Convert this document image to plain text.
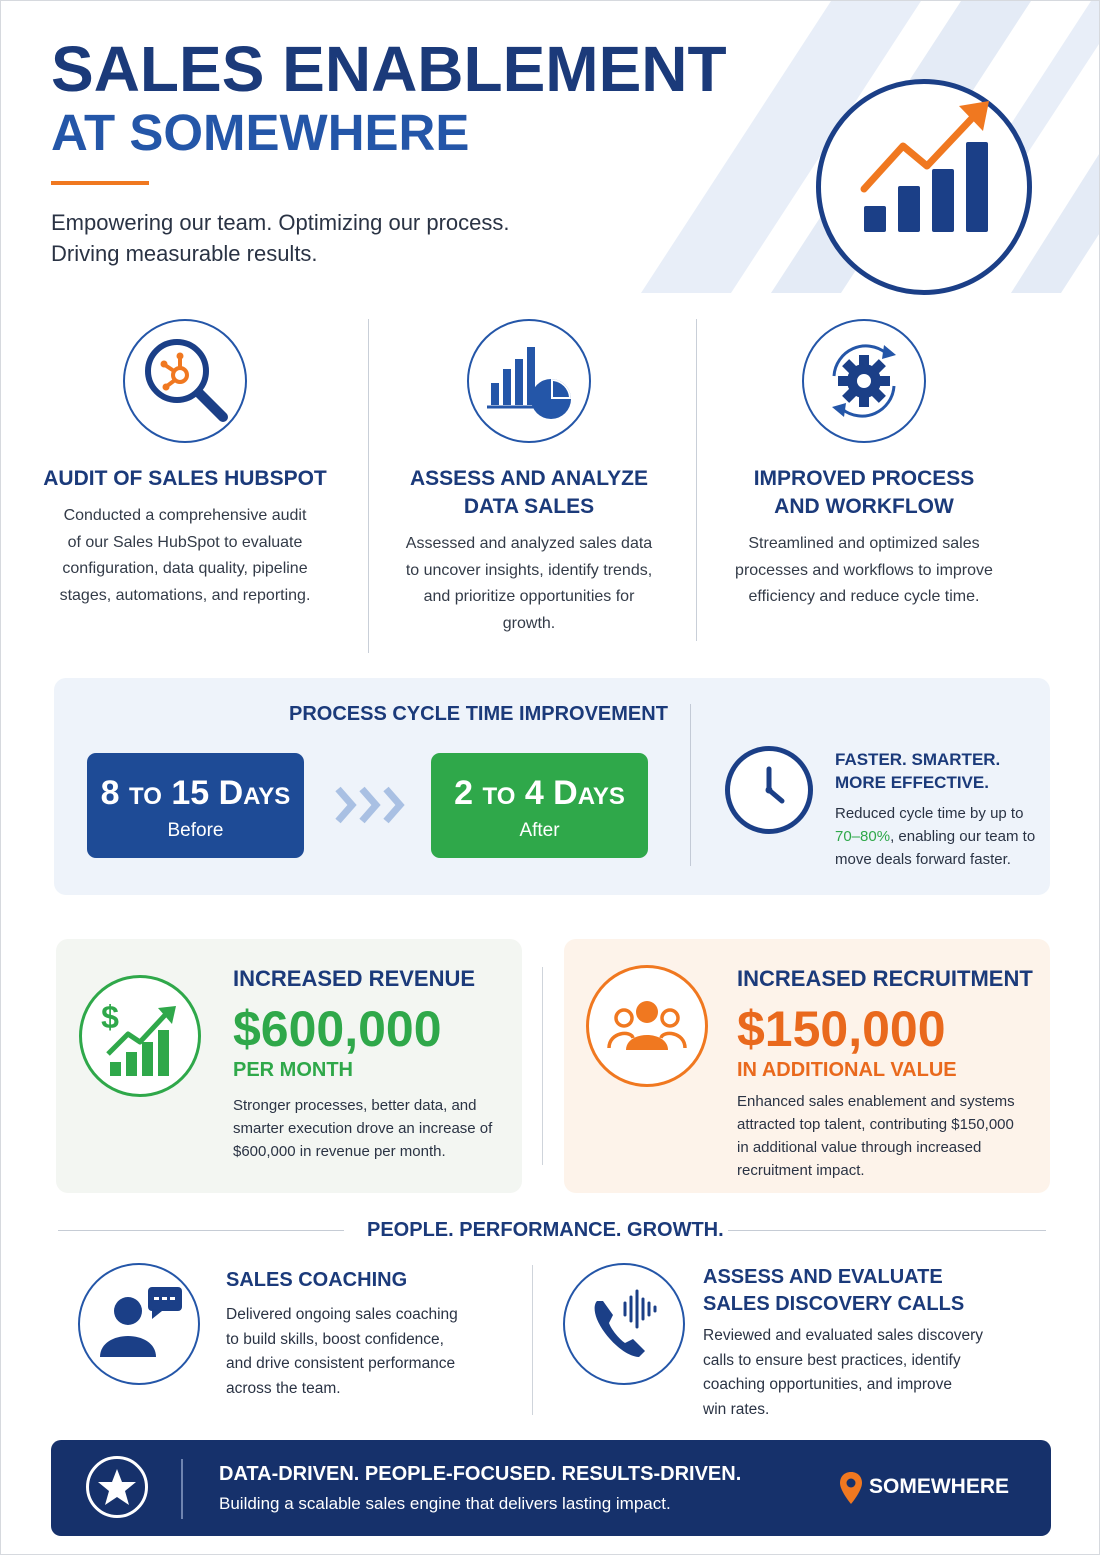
SALES ENABLEMENT
AT SOMEWHERE
Empowering our team. Optimizing our process.
Driving measurable results.
AUDIT OF SALES HUBSPOT

Conducted a comprehensive audit
of our Sales HubSpot to evaluate
configuration, data quality, pipeline
stages, automations, and reporting.

ASSESS AND ANALYZE
DATA SALES

Assessed and analyzed sales data
to uncover insights, identify trends,
and prioritize opportunities for
growth.

IMPROVED PROCESS
AND WORKFLOW

Streamlined and optimized sales
processes and workflows to improve
efficiency and reduce cycle time.

PROCESS CYCLE TIME IMPROVEMENT
8 to 15 Days
Before
2 to 4 Days
After
FASTER. SMARTER.
MORE EFFECTIVE.
Reduced cycle time by up to
70–80%, enabling our team to move deals forward faster.
$
INCREASED REVENUE
$600,000
PER MONTH
Stronger processes, better data, and smarter execution drove an increase of $600,000 in revenue per month.
INCREASED RECRUITMENT
$150,000
IN ADDITIONAL VALUE
Enhanced sales enablement and systems attracted top talent, contributing $150,000 in additional value through increased recruitment impact.
PEOPLE. PERFORMANCE. GROWTH.
SALES COACHING
Delivered ongoing sales coaching
to build skills, boost confidence,
and drive consistent performance
across the team.
ASSESS AND EVALUATE
SALES DISCOVERY CALLS
Reviewed and evaluated sales discovery
calls to ensure best practices, identify
coaching opportunities, and improve
win rates.
DATA-DRIVEN. PEOPLE-FOCUSED. RESULTS-DRIVEN.
Building a scalable sales engine that delivers lasting impact.
SOMEWHERE
